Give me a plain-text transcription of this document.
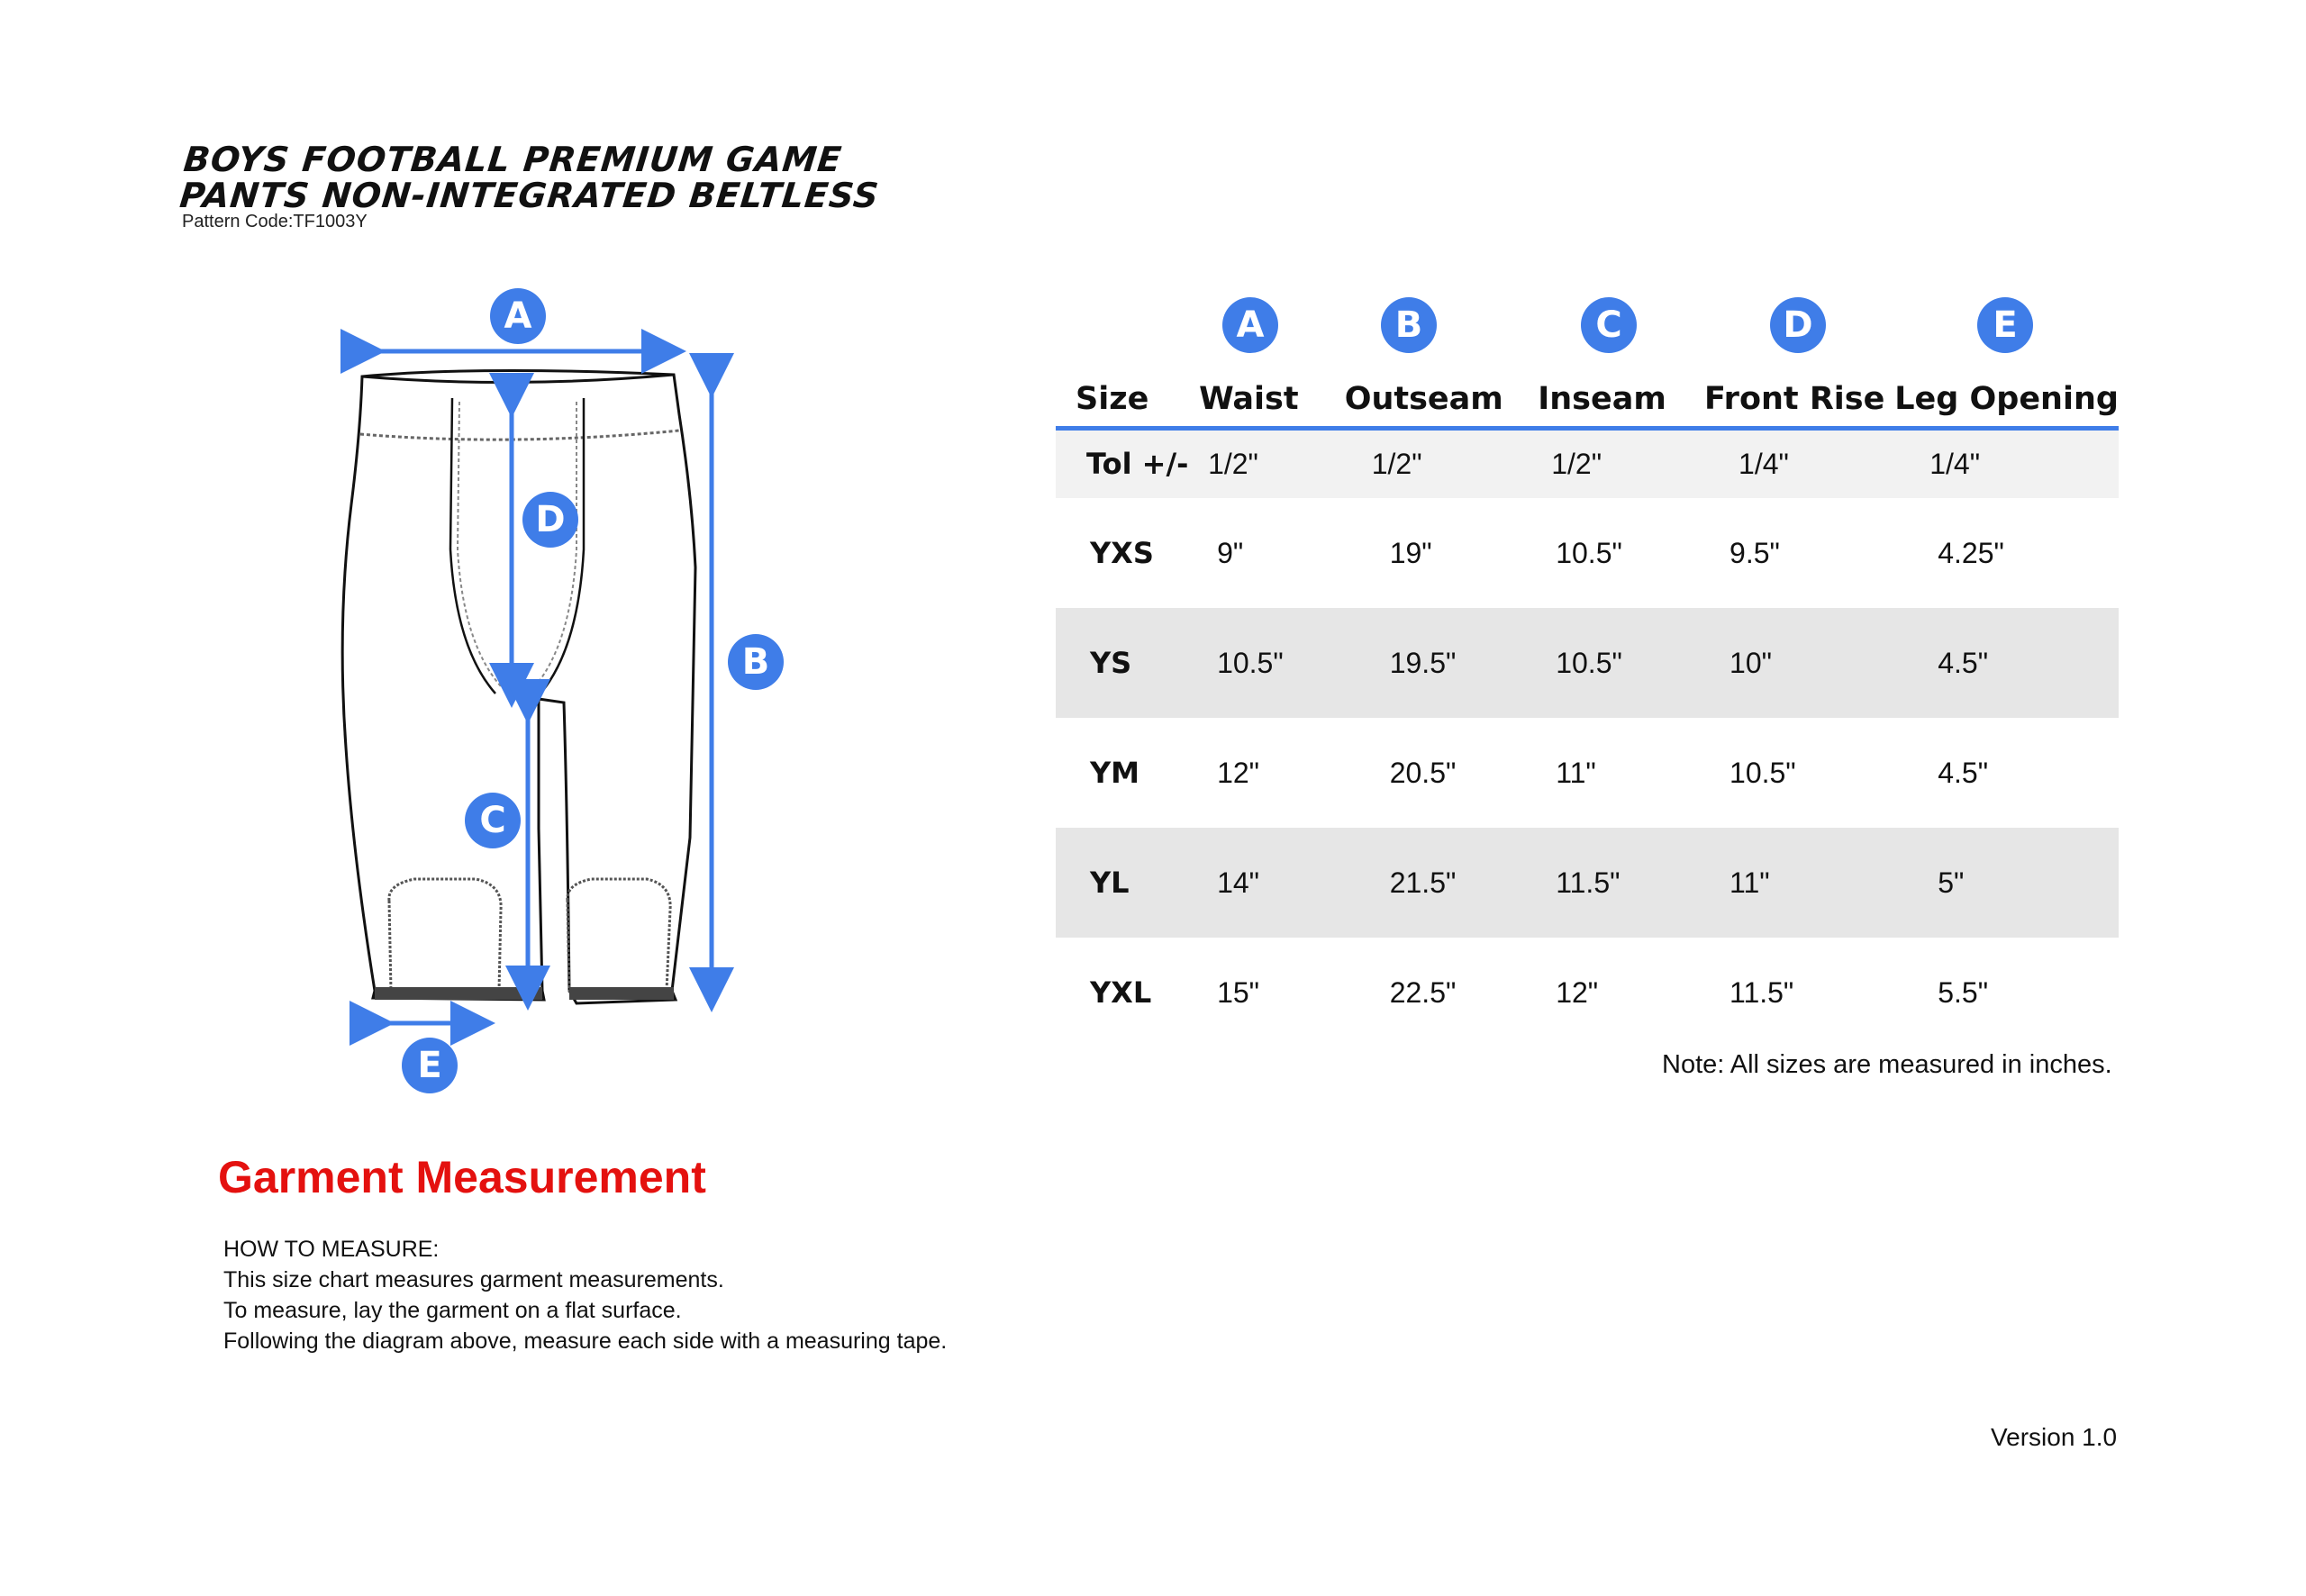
BOYS FOOTBALL PREMIUM GAME
PANTS NON-INTEGRATED BELTLESS
Pattern Code:TF1003Y
A
B
C
D
E
A	B	C	D	E
Size	Waist	Outseam	Inseam	Front Rise	Leg Opening
Tol +/-	1/2"	1/2"	1/2"	1/4"	1/4"
YXS	9"	19"	10.5"	9.5"	4.25"
YS	10.5"	19.5"	10.5"	10"	4.5"
YM	12"	20.5"	11"	10.5"	4.5"
YL	14"	21.5"	11.5"	11"	5"
YXL	15"	22.5"	12"	11.5"	5.5"
Note: All sizes are measured in inches.
Garment Measurement
HOW TO MEASURE:
This size chart measures garment measurements.
To measure, lay the garment on a flat surface.
Following the diagram above, measure each side with a measuring tape.
Version 1.0
